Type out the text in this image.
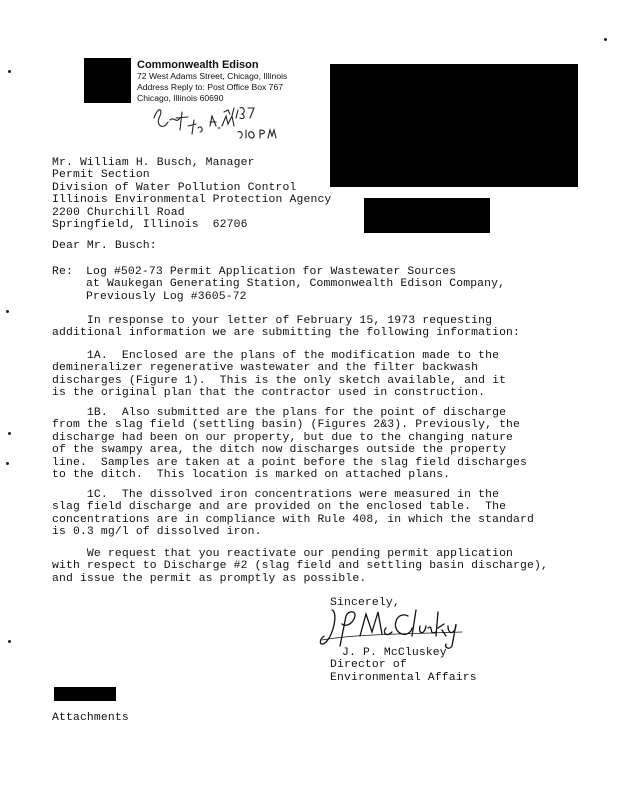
Commonwealth Edison
72 West Adams Street, Chicago, Illinois
Address Reply to: Post Office Box 767
Chicago, Illinois 60690
Mr. William H. Busch, Manager
Permit Section
Division of Water Pollution Control
Illinois Environmental Protection Agency
2200 Churchill Road
Springfield, Illinois  62706
Dear Mr. Busch:
Re: Log #502-73 Permit Application for Wastewater Sources
at Waukegan Generating Station, Commonwealth Edison Company,
Previously Log #3605-72
In response to your letter of February 15, 1973 requesting
additional information we are submitting the following information:
1A.  Enclosed are the plans of the modification made to the
demineralizer regenerative wastewater and the filter backwash
discharges (Figure 1).  This is the only sketch available, and it
is the original plan that the contractor used in construction.
1B.  Also submitted are the plans for the point of discharge
from the slag field (settling basin) (Figures 2&3). Previously, the
discharge had been on our property, but due to the changing nature
of the swampy area, the ditch now discharges outside the property
line.  Samples are taken at a point before the slag field discharges
to the ditch.  This location is marked on attached plans.
1C.  The dissolved iron concentrations were measured in the
slag field discharge and are provided on the enclosed table.  The
concentrations are in compliance with Rule 408, in which the standard
is 0.3 mg/l of dissolved iron.
We request that you reactivate our pending permit application
with respect to Discharge #2 (slag field and settling basin discharge),
and issue the permit as promptly as possible.
Sincerely,
J. P. McCluskey
Director of
Environmental Affairs
Attachments
